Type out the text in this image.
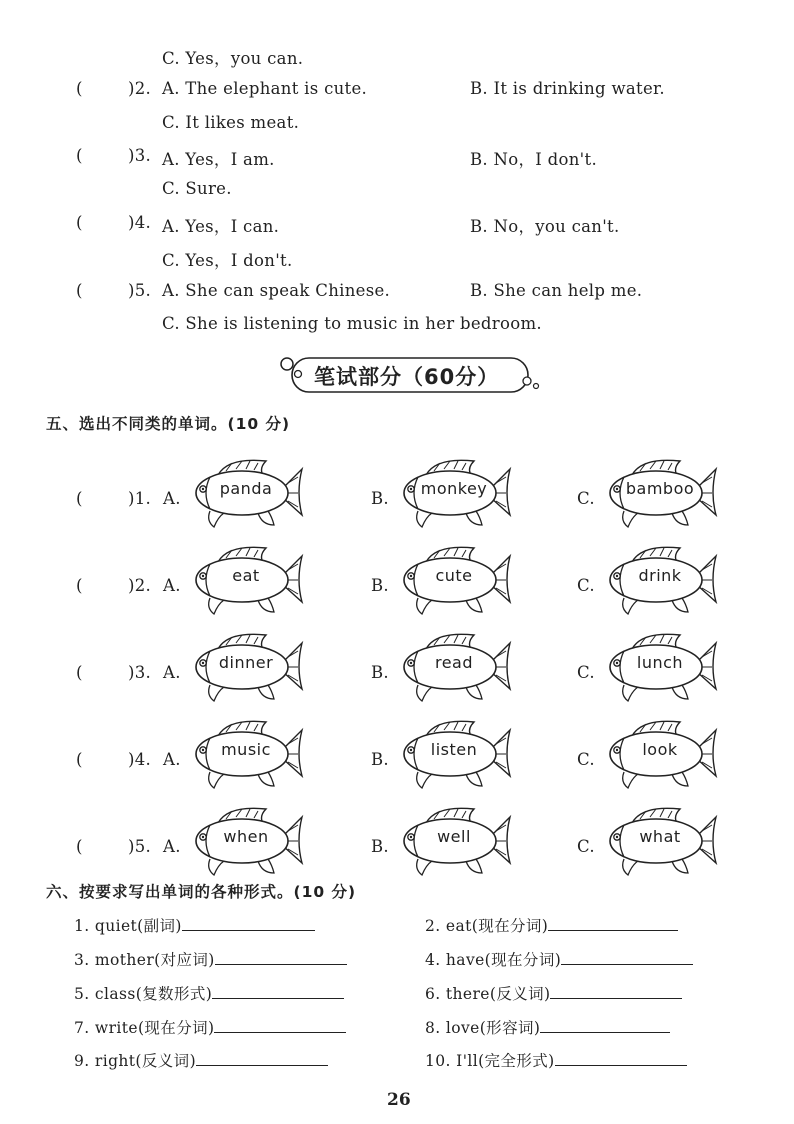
C. Yes，you can.
(	)2. A. The elephant is cute.	B. It is drinking water.
C. It likes meat.
(	)3. A. Yes，I am.	B. No，I don't.
C. Sure.
(	)4. A. Yes，I can.	B. No，you can't.
C. Yes，I don't.
(	)5. A. She can speak Chinese.	B. She can help me.
C. She is listening to music in her bedroom.
笔试部分（60分）
五、选出不同类的单词。(10 分)
(	)1. A.
panda
B.
monkey
C.
bamboo
(	)2. A.
eat
B.
cute
C.
drink
(	)3. A.
dinner
B.
read
C.
lunch
(	)4. A.
music
B.
listen
C.
look
(	)5. A.
when
B.
well
C.
what
六、按要求写出单词的各种形式。(10 分)
1. quiet(副词)	2. eat(现在分词)
3. mother(对应词)	4. have(现在分词)
5. class(复数形式)	6. there(反义词)
7. write(现在分词)	8. love(形容词)
9. right(反义词)	10. I'll(完全形式)
26
